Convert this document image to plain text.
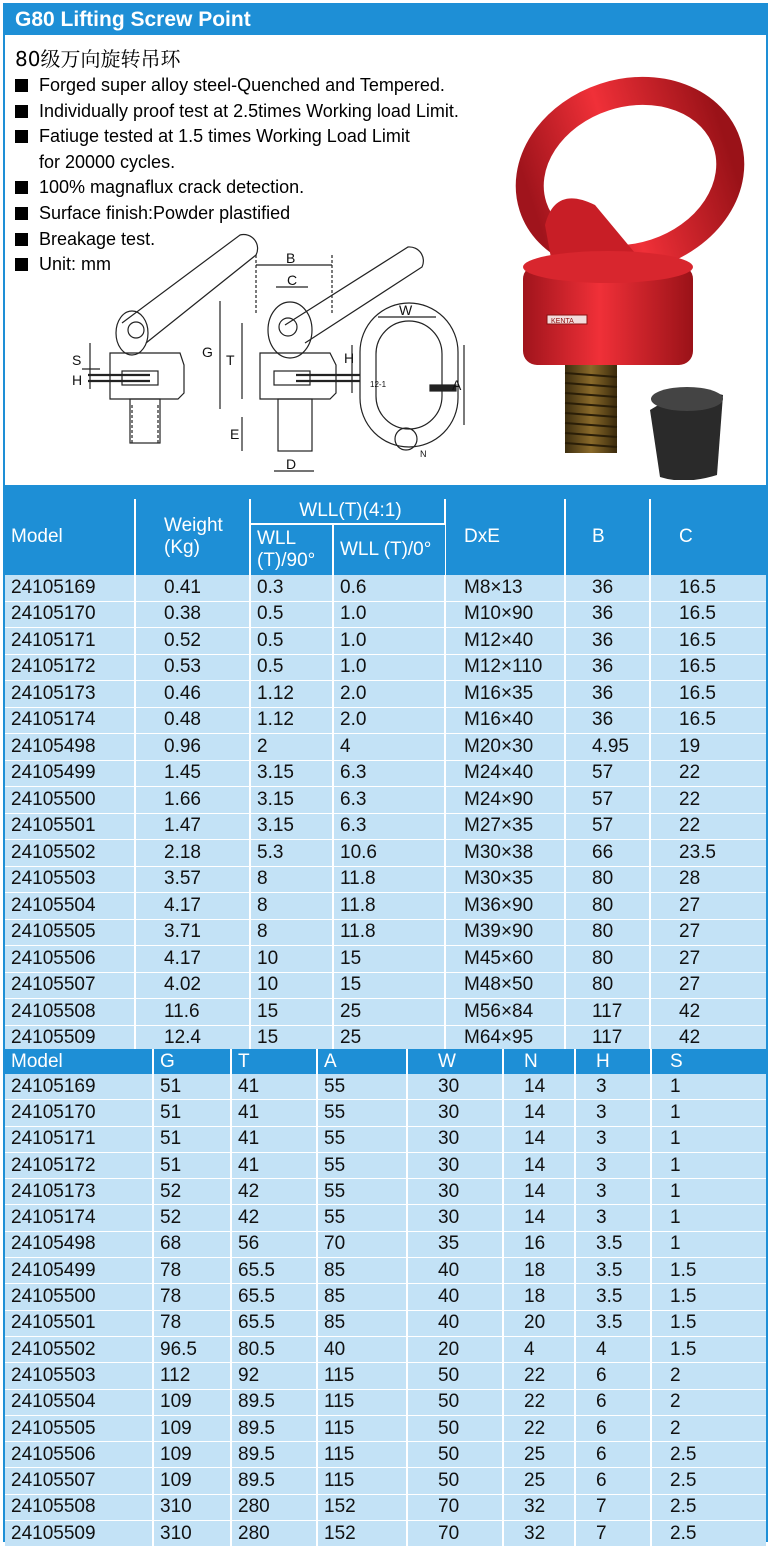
G80 Lifting Screw Point
80级万向旋转吊环
Forged super alloy steel-Quenched and Tempered.
Individually proof test at 2.5times Working load Limit.
Fatiuge tested at 1.5 times Working Load Limit
for 20000 cycles.
100% magnaflux crack detection.
Surface finish:Powder plastified
Breakage test.
Unit: mm	B
C
G T
S
H
H
E
D
W
A
N
12-1
KENTA
Model	Weight (Kg)	WLL(T)(4:1)		DxE	B	C
		WLL (T)/90°	WLL (T)/0°			
24105169	0.41	0.3	0.6	M8×13	36	16.5
24105170	0.38	0.5	1.0	M10×90	36	16.5
24105171	0.52	0.5	1.0	M12×40	36	16.5
24105172	0.53	0.5	1.0	M12×110	36	16.5
24105173	0.46	1.12	2.0	M16×35	36	16.5
24105174	0.48	1.12	2.0	M16×40	36	16.5
24105498	0.96	2	4	M20×30	4.95	19
24105499	1.45	3.15	6.3	M24×40	57	22
24105500	1.66	3.15	6.3	M24×90	57	22
24105501	1.47	3.15	6.3	M27×35	57	22
24105502	2.18	5.3	10.6	M30×38	66	23.5
24105503	3.57	8	11.8	M30×35	80	28
24105504	4.17	8	11.8	M36×90	80	27
24105505	3.71	8	11.8	M39×90	80	27
24105506	4.17	10	15	M45×60	80	27
24105507	4.02	10	15	M48×50	80	27
24105508	11.6	15	25	M56×84	117	42
24105509	12.4	15	25	M64×95	117	42
Model	G	T	A	W	N	H	S
24105169	51	41	55	30	14	3	1
24105170	51	41	55	30	14	3	1
24105171	51	41	55	30	14	3	1
24105172	51	41	55	30	14	3	1
24105173	52	42	55	30	14	3	1
24105174	52	42	55	30	14	3	1
24105498	68	56	70	35	16	3.5	1
24105499	78	65.5	85	40	18	3.5	1.5
24105500	78	65.5	85	40	18	3.5	1.5
24105501	78	65.5	85	40	20	3.5	1.5
24105502	96.5	80.5	40	20	4	4	1.5
24105503	112	92	115	50	22	6	2
24105504	109	89.5	115	50	22	6	2
24105505	109	89.5	115	50	22	6	2
24105506	109	89.5	115	50	25	6	2.5
24105507	109	89.5	115	50	25	6	2.5
24105508	310	280	152	70	32	7	2.5
24105509	310	280	152	70	32	7	2.5
